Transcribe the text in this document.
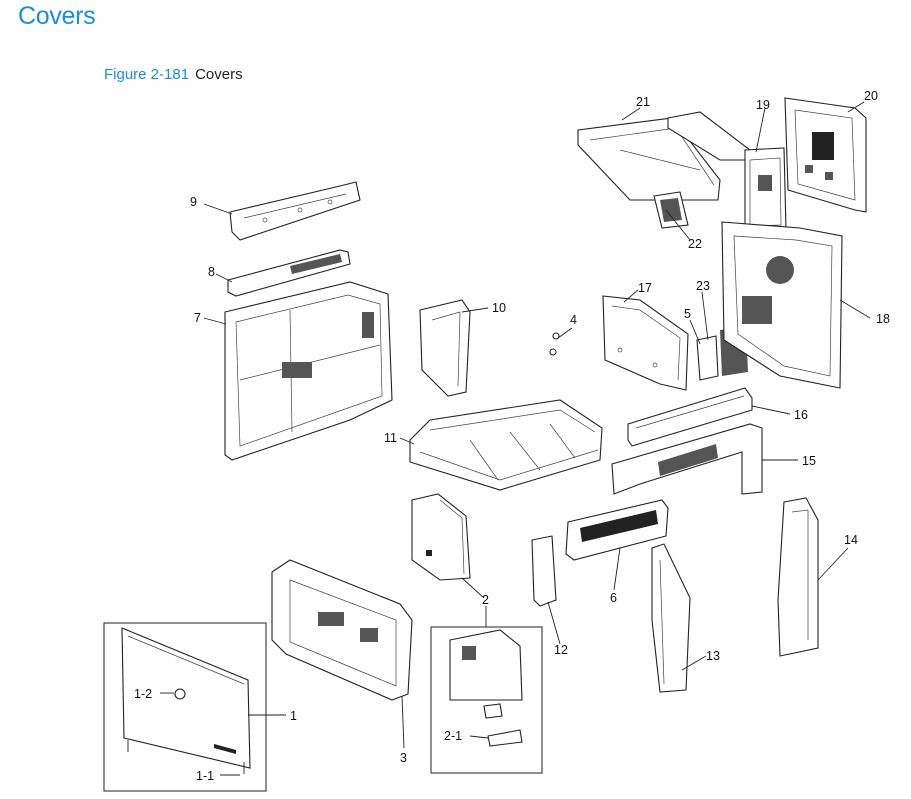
Covers
Figure 2-181 Covers
1
1-1
1-2
2
2-1
3
4	5
6
7
8
9
10
11
12	13
14
15
16
17
18
19
20
21
22
23
